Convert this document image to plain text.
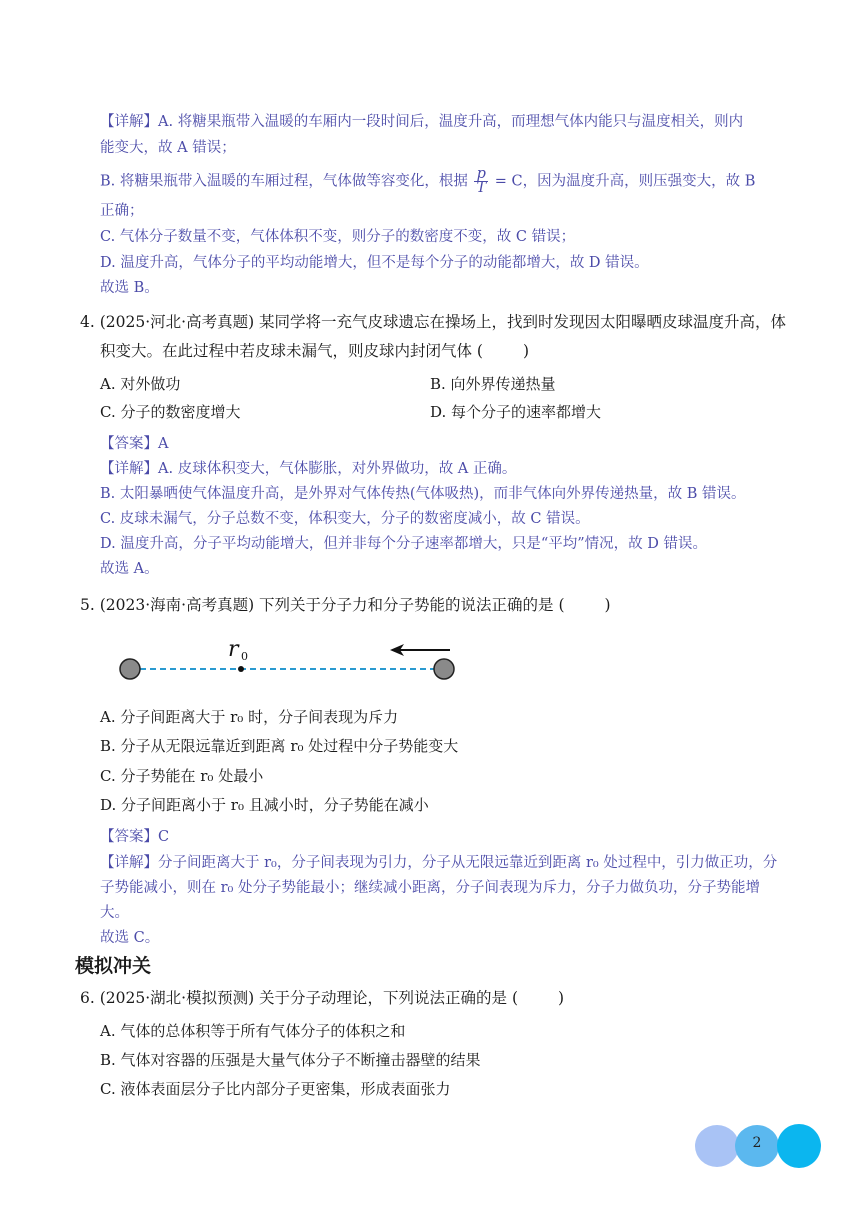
【详解】A. 将糖果瓶带入温暖的车厢内一段时间后，温度升高，而理想气体内能只与温度相关，则内
能变大，故 A 错误；
B. 将糖果瓶带入温暖的车厢过程，气体做等容变化，根据 $\frac{p}{T} = C$，因为温度升高，则压强变大，故 B
正确；
C. 气体分子数量不变，气体体积不变，则分子的数密度不变，故 C 错误；
D. 温度升高，气体分子的平均动能增大，但不是每个分子的动能都增大，故 D 错误。
故选 B。
4. (2025·河北·高考真题) 某同学将一充气皮球遗忘在操场上，找到时发现因太阳曝晒皮球温度升高，体
积变大。在此过程中若皮球未漏气，则皮球内封闭气体 (	)
A. 对外做功	B. 向外界传递热量
C. 分子的数密度增大	D. 每个分子的速率都增大
【答案】A
【详解】A. 皮球体积变大，气体膨胀，对外界做功，故 A 正确。
B. 太阳暴晒使气体温度升高，是外界对气体传热(气体吸热)，而非气体向外界传递热量，故 B 错误。
C. 皮球未漏气，分子总数不变，体积变大，分子的数密度减小，故 C 错误。
D. 温度升高，分子平均动能增大，但并非每个分子速率都增大，只是“平均”情况，故 D 错误。
故选 A。
5. (2023·海南·高考真题) 下列关于分子力和分子势能的说法正确的是 (	)
r 0
A. 分子间距离大于 r₀ 时，分子间表现为斥力
B. 分子从无限远靠近到距离 r₀ 处过程中分子势能变大
C. 分子势能在 r₀ 处最小
D. 分子间距离小于 r₀ 且减小时，分子势能在减小
【答案】C
【详解】分子间距离大于 r₀，分子间表现为引力，分子从无限远靠近到距离 r₀ 处过程中，引力做正功，分
子势能减小，则在 r₀ 处分子势能最小；继续减小距离，分子间表现为斥力，分子力做负功，分子势能增
大。
故选 C。
模拟冲关
6. (2025·湖北·模拟预测) 关于分子动理论，下列说法正确的是 (	)
A. 气体的总体积等于所有气体分子的体积之和
B. 气体对容器的压强是大量气体分子不断撞击器壁的结果
C. 液体表面层分子比内部分子更密集，形成表面张力
2
